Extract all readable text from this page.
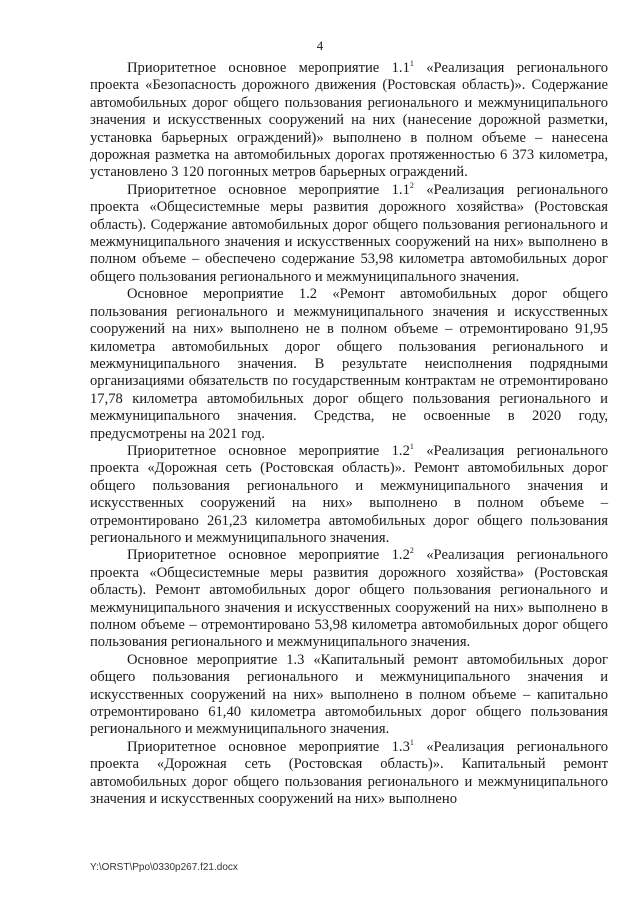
4

Приоритетное основное мероприятие $1.1^1$ «Реализация регионального проекта «Безопасность дорожного движения (Ростовская область)». Содержание автомобильных дорог общего пользования регионального и межмуниципального значения и искусственных сооружений на них (нанесение дорожной разметки, установка барьерных ограждений)» выполнено в полном объеме – нанесена дорожная разметка на автомобильных дорогах протяженностью 6 373 километра, установлено 3 120 погонных метров барьерных ограждений.

Приоритетное основное мероприятие $1.1^2$ «Реализация регионального проекта «Общесистемные меры развития дорожного хозяйства» (Ростовская область). Содержание автомобильных дорог общего пользования регионального и межмуниципального значения и искусственных сооружений на них» выполнено в полном объеме – обеспечено содержание 53,98 километра автомобильных дорог общего пользования регионального и межмуниципального значения.

Основное мероприятие 1.2 «Ремонт автомобильных дорог общего пользования регионального и межмуниципального значения и искусственных сооружений на них» выполнено не в полном объеме – отремонтировано 91,95 километра автомобильных дорог общего пользования регионального и межмуниципального значения. В результате неисполнения подрядными организациями обязательств по государственным контрактам не отремонтировано 17,78 километра автомобильных дорог общего пользования регионального и межмуниципального значения. Средства, не освоенные в 2020 году, предусмотрены на 2021 год.

Приоритетное основное мероприятие $1.2^1$ «Реализация регионального проекта «Дорожная сеть (Ростовская область)». Ремонт автомобильных дорог общего пользования регионального и межмуниципального значения и искусственных сооружений на них» выполнено в полном объеме – отремонтировано 261,23 километра автомобильных дорог общего пользования регионального и межмуниципального значения.

Приоритетное основное мероприятие $1.2^2$ «Реализация регионального проекта «Общесистемные меры развития дорожного хозяйства» (Ростовская область). Ремонт автомобильных дорог общего пользования регионального и межмуниципального значения и искусственных сооружений на них» выполнено в полном объеме – отремонтировано 53,98 километра автомобильных дорог общего пользования регионального и межмуниципального значения.

Основное мероприятие 1.3 «Капитальный ремонт автомобильных дорог общего пользования регионального и межмуниципального значения и искусственных сооружений на них» выполнено в полном объеме – капитально отремонтировано 61,40 километра автомобильных дорог общего пользования регионального и межмуниципального значения.

Приоритетное основное мероприятие $1.3^1$ «Реализация регионального проекта «Дорожная сеть (Ростовская область)». Капитальный ремонт автомобильных дорог общего пользования регионального и межмуниципального значения и искусственных сооружений на них» выполнено

Y:\ORST\Ppo\0330p267.f21.docx
